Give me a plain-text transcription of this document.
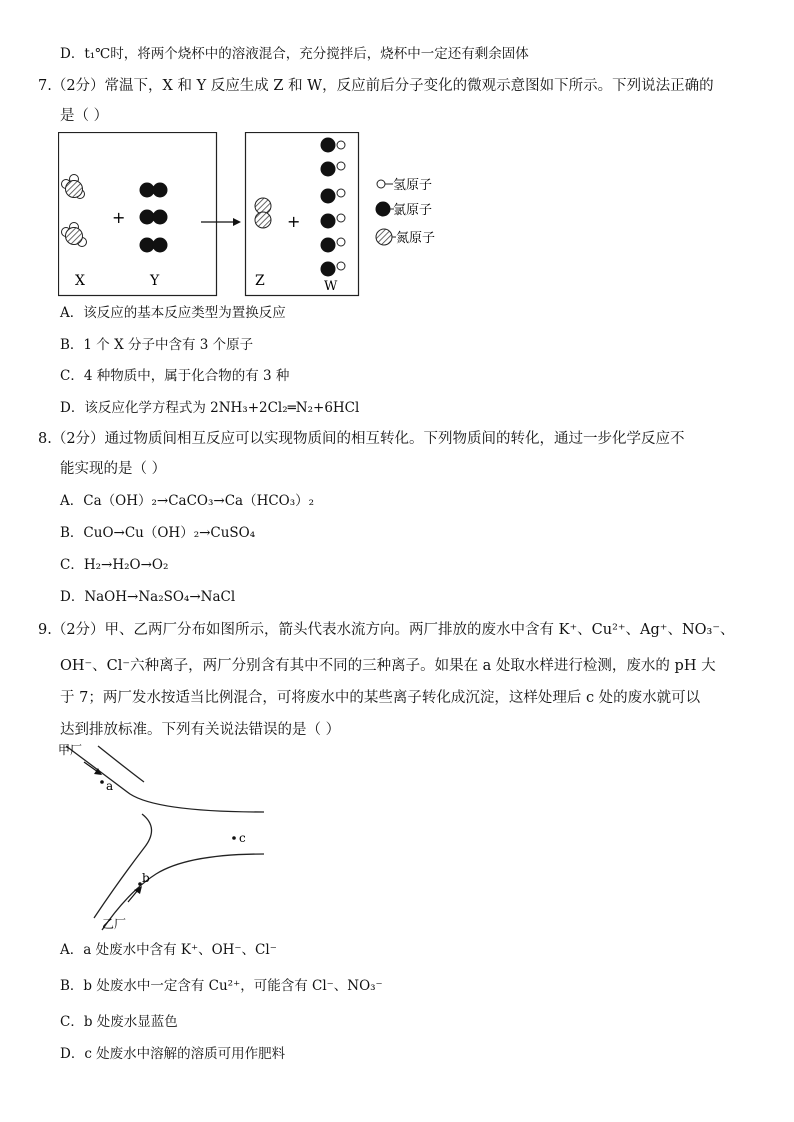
D．t₁℃时，将两个烧杯中的溶液混合，充分搅拌后，烧杯中一定还有剩余固体
7.（2分）常温下，X 和 Y 反应生成 Z 和 W，反应前后分子变化的微观示意图如下所示。下列说法正确的
是（ ）
+
X	Y
+
Z	W
氢原子
氯原子
氮原子
A．该反应的基本反应类型为置换反应
B．1 个 X 分子中含有 3 个原子
C．4 种物质中，属于化合物的有 3 种
D．该反应化学方程式为 2NH₃+2Cl₂═N₂+6HCl
8.（2分）通过物质间相互反应可以实现物质间的相互转化。下列物质间的转化，通过一步化学反应不
能实现的是（ ）
A．Ca（OH）₂→CaCO₃→Ca（HCO₃）₂
B．CuO→Cu（OH）₂→CuSO₄
C．H₂→H₂O→O₂
D．NaOH→Na₂SO₄→NaCl
9.（2分）甲、乙两厂分布如图所示，箭头代表水流方向。两厂排放的废水中含有 K⁺、Cu²⁺、Ag⁺、NO₃⁻、
OH⁻、Cl⁻六种离子，两厂分别含有其中不同的三种离子。如果在 a 处取水样进行检测，废水的 pH 大
于 7；两厂发水按适当比例混合，可将废水中的某些离子转化成沉淀，这样处理后 c 处的废水就可以
达到排放标准。下列有关说法错误的是（ ）
a
c
b
甲厂
乙厂
A．a 处废水中含有 K⁺、OH⁻、Cl⁻
B．b 处废水中一定含有 Cu²⁺，可能含有 Cl⁻、NO₃⁻
C．b 处废水显蓝色
D．c 处废水中溶解的溶质可用作肥料
